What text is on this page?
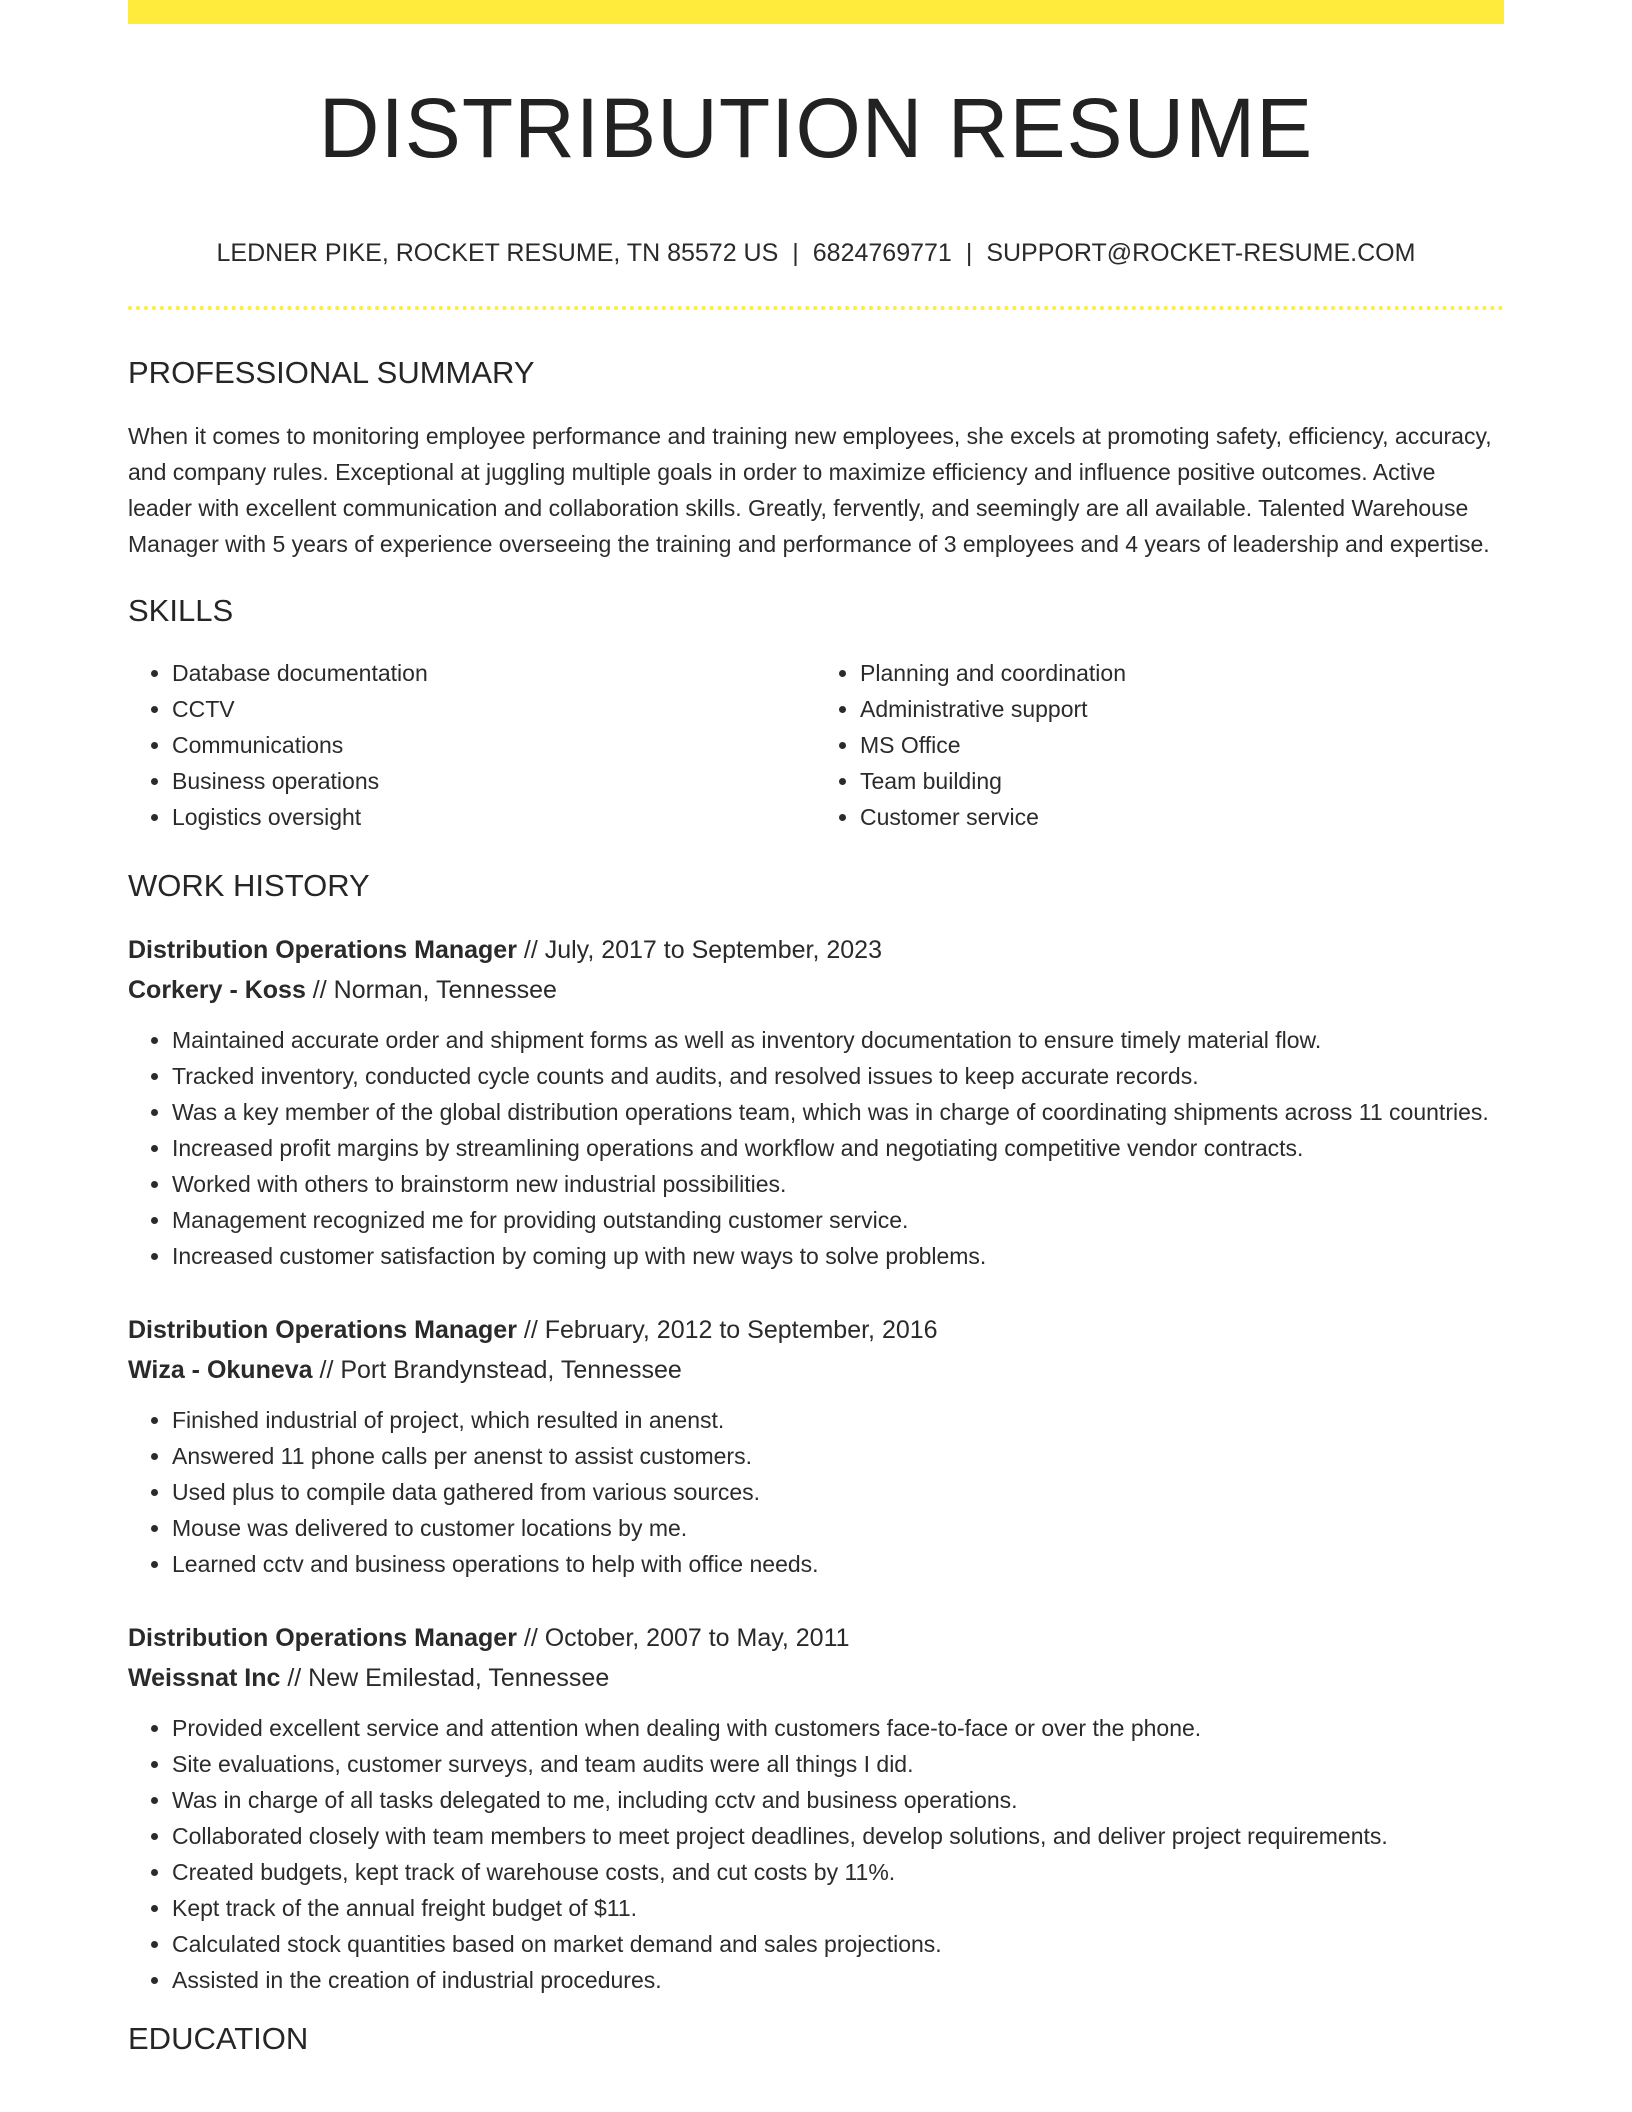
DISTRIBUTION RESUME
LEDNER PIKE, ROCKET RESUME, TN 85572 US | 6824769771 | SUPPORT@ROCKET-RESUME.COM
PROFESSIONAL SUMMARY
When it comes to monitoring employee performance and training new employees, she excels at promoting safety, efficiency, accuracy, and company rules. Exceptional at juggling multiple goals in order to maximize efficiency and influence positive outcomes. Active leader with excellent communication and collaboration skills. Greatly, fervently, and seemingly are all available. Talented Warehouse Manager with 5 years of experience overseeing the training and performance of 3 employees and 4 years of leadership and expertise.
SKILLS
• Database documentation
• CCTV
• Communications
• Business operations
• Logistics oversight
• Planning and coordination
• Administrative support
• MS Office
• Team building
• Customer service
WORK HISTORY
Distribution Operations Manager // July, 2017 to September, 2023
Corkery - Koss // Norman, Tennessee
• Maintained accurate order and shipment forms as well as inventory documentation to ensure timely material flow.
• Tracked inventory, conducted cycle counts and audits, and resolved issues to keep accurate records.
• Was a key member of the global distribution operations team, which was in charge of coordinating shipments across 11 countries.
• Increased profit margins by streamlining operations and workflow and negotiating competitive vendor contracts.
• Worked with others to brainstorm new industrial possibilities.
• Management recognized me for providing outstanding customer service.
• Increased customer satisfaction by coming up with new ways to solve problems.
Distribution Operations Manager // February, 2012 to September, 2016
Wiza - Okuneva // Port Brandynstead, Tennessee
• Finished industrial of project, which resulted in anenst.
• Answered 11 phone calls per anenst to assist customers.
• Used plus to compile data gathered from various sources.
• Mouse was delivered to customer locations by me.
• Learned cctv and business operations to help with office needs.
Distribution Operations Manager // October, 2007 to May, 2011
Weissnat Inc // New Emilestad, Tennessee
• Provided excellent service and attention when dealing with customers face-to-face or over the phone.
• Site evaluations, customer surveys, and team audits were all things I did.
• Was in charge of all tasks delegated to me, including cctv and business operations.
• Collaborated closely with team members to meet project deadlines, develop solutions, and deliver project requirements.
• Created budgets, kept track of warehouse costs, and cut costs by 11%.
• Kept track of the annual freight budget of $11.
• Calculated stock quantities based on market demand and sales projections.
• Assisted in the creation of industrial procedures.
EDUCATION
